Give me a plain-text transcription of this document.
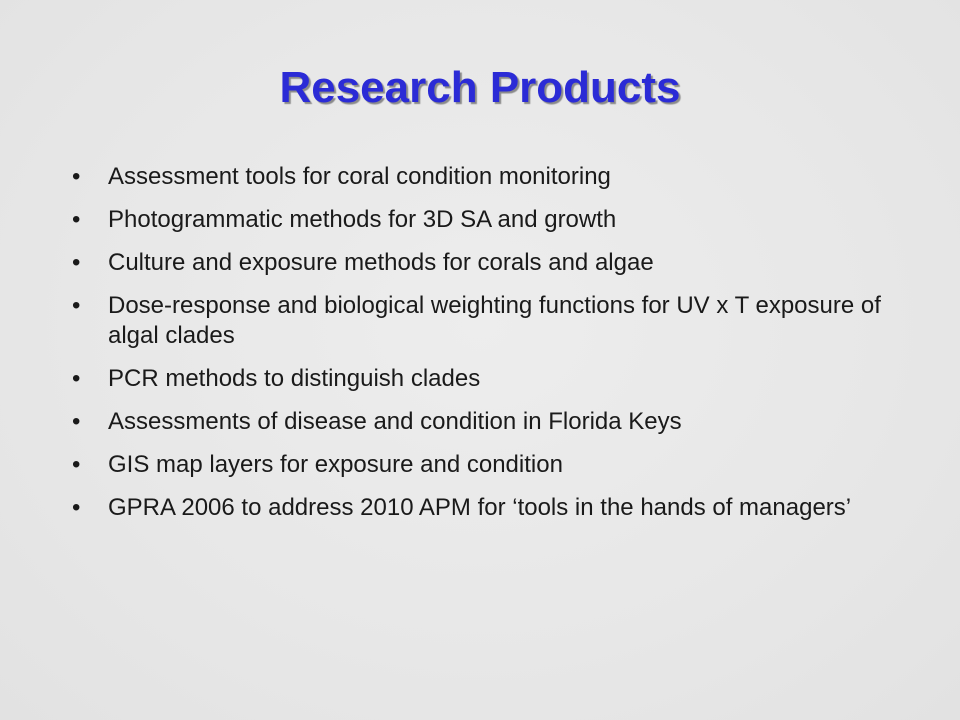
Research Products
•	Assessment tools for coral condition monitoring
•	Photogrammatic methods for 3D SA and growth
•	Culture and exposure methods for corals and algae
•	Dose-response and biological weighting functions for UV x T exposure of algal clades
•	PCR methods to distinguish clades
•	Assessments of disease and condition in Florida Keys
•	GIS map layers for exposure and condition
•	GPRA 2006 to address 2010 APM for ‘tools in the hands of managers’
